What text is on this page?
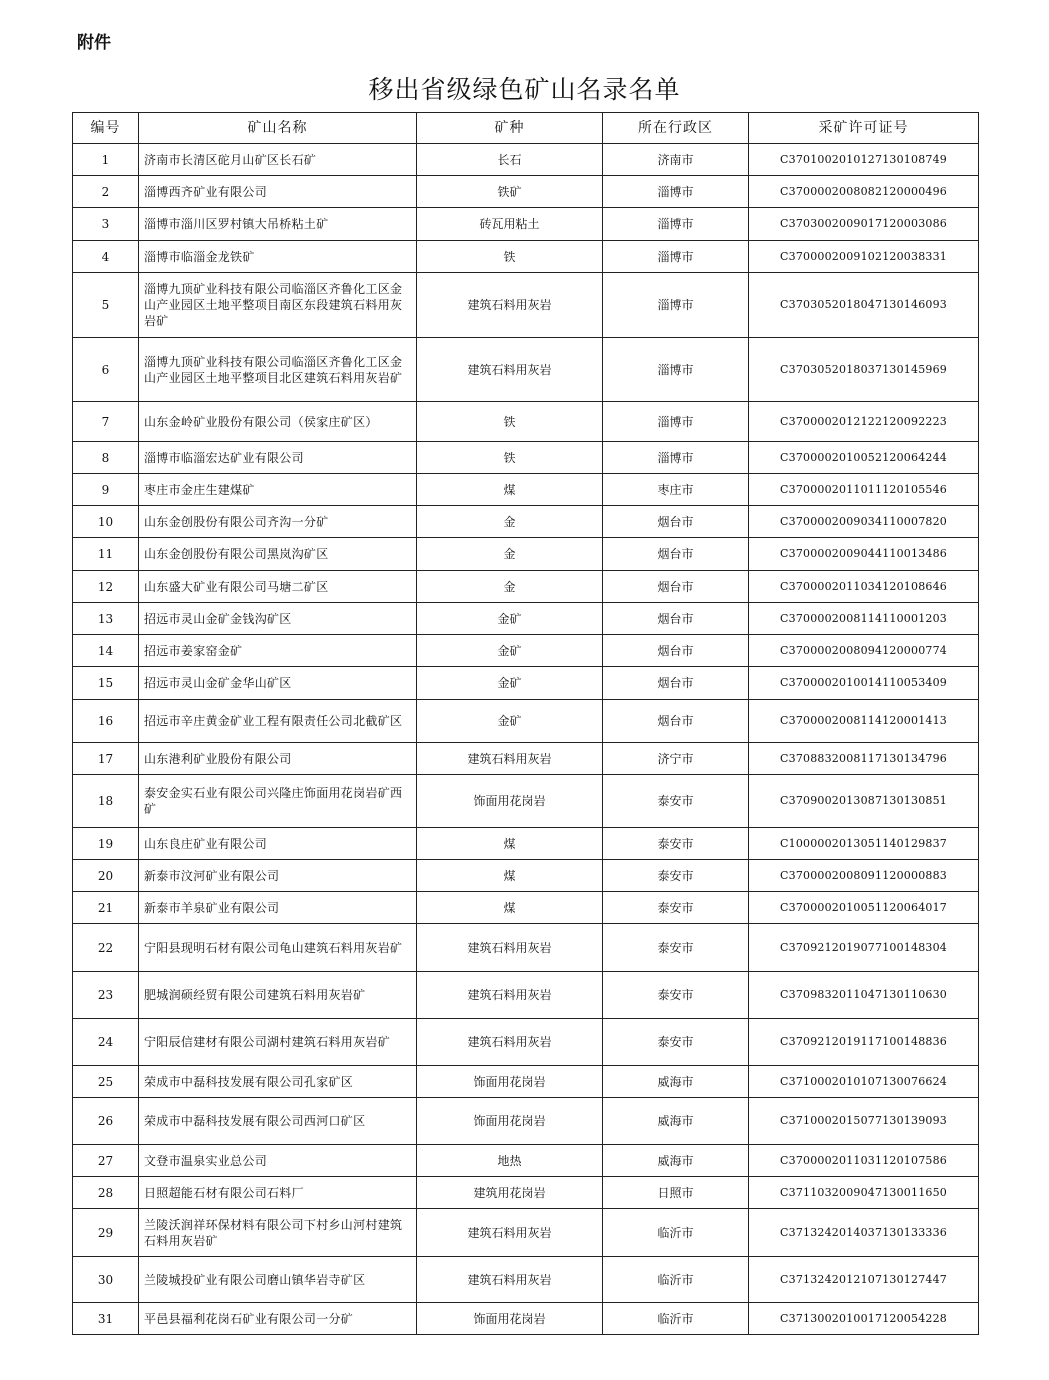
附件
移出省级绿色矿山名录名单
编号	矿山名称	矿种	所在行政区	采矿许可证号
1	济南市长清区砣月山矿区长石矿	长石	济南市	C3701002010127130108749
2	淄博西齐矿业有限公司	铁矿	淄博市	C3700002008082120000496
3	淄博市淄川区罗村镇大吊桥粘土矿	砖瓦用粘土	淄博市	C3703002009017120003086
4	淄博市临淄金龙铁矿	铁	淄博市	C3700002009102120038331
5	淄博九顶矿业科技有限公司临淄区齐鲁化工区金山产业园区土地平整项目南区东段建筑石料用灰岩矿	建筑石料用灰岩	淄博市	C3703052018047130146093
6	淄博九顶矿业科技有限公司临淄区齐鲁化工区金山产业园区土地平整项目北区建筑石料用灰岩矿	建筑石料用灰岩	淄博市	C3703052018037130145969
7	山东金岭矿业股份有限公司（侯家庄矿区）	铁	淄博市	C3700002012122120092223
8	淄博市临淄宏达矿业有限公司	铁	淄博市	C3700002010052120064244
9	枣庄市金庄生建煤矿	煤	枣庄市	C3700002011011120105546
10	山东金创股份有限公司齐沟一分矿	金	烟台市	C3700002009034110007820
11	山东金创股份有限公司黑岚沟矿区	金	烟台市	C3700002009044110013486
12	山东盛大矿业有限公司马塘二矿区	金	烟台市	C3700002011034120108646
13	招远市灵山金矿金钱沟矿区	金矿	烟台市	C3700002008114110001203
14	招远市姜家窑金矿	金矿	烟台市	C3700002008094120000774
15	招远市灵山金矿金华山矿区	金矿	烟台市	C3700002010014110053409
16	招远市辛庄黄金矿业工程有限责任公司北截矿区	金矿	烟台市	C3700002008114120001413
17	山东港利矿业股份有限公司	建筑石料用灰岩	济宁市	C3708832008117130134796
18	泰安金实石业有限公司兴隆庄饰面用花岗岩矿西矿	饰面用花岗岩	泰安市	C3709002013087130130851
19	山东良庄矿业有限公司	煤	泰安市	C1000002013051140129837
20	新泰市汶河矿业有限公司	煤	泰安市	C3700002008091120000883
21	新泰市羊泉矿业有限公司	煤	泰安市	C3700002010051120064017
22	宁阳县现明石材有限公司龟山建筑石料用灰岩矿	建筑石料用灰岩	泰安市	C3709212019077100148304
23	肥城润硕经贸有限公司建筑石料用灰岩矿	建筑石料用灰岩	泰安市	C3709832011047130110630
24	宁阳辰信建材有限公司湖村建筑石料用灰岩矿	建筑石料用灰岩	泰安市	C3709212019117100148836
25	荣成市中磊科技发展有限公司孔家矿区	饰面用花岗岩	威海市	C3710002010107130076624
26	荣成市中磊科技发展有限公司西河口矿区	饰面用花岗岩	威海市	C3710002015077130139093
27	文登市温泉实业总公司	地热	威海市	C3700002011031120107586
28	日照超能石材有限公司石料厂	建筑用花岗岩	日照市	C3711032009047130011650
29	兰陵沃润祥环保材料有限公司下村乡山河村建筑石料用灰岩矿	建筑石料用灰岩	临沂市	C3713242014037130133336
30	兰陵城投矿业有限公司磨山镇华岩寺矿区	建筑石料用灰岩	临沂市	C3713242012107130127447
31	平邑县福利花岗石矿业有限公司一分矿	饰面用花岗岩	临沂市	C3713002010017120054228
